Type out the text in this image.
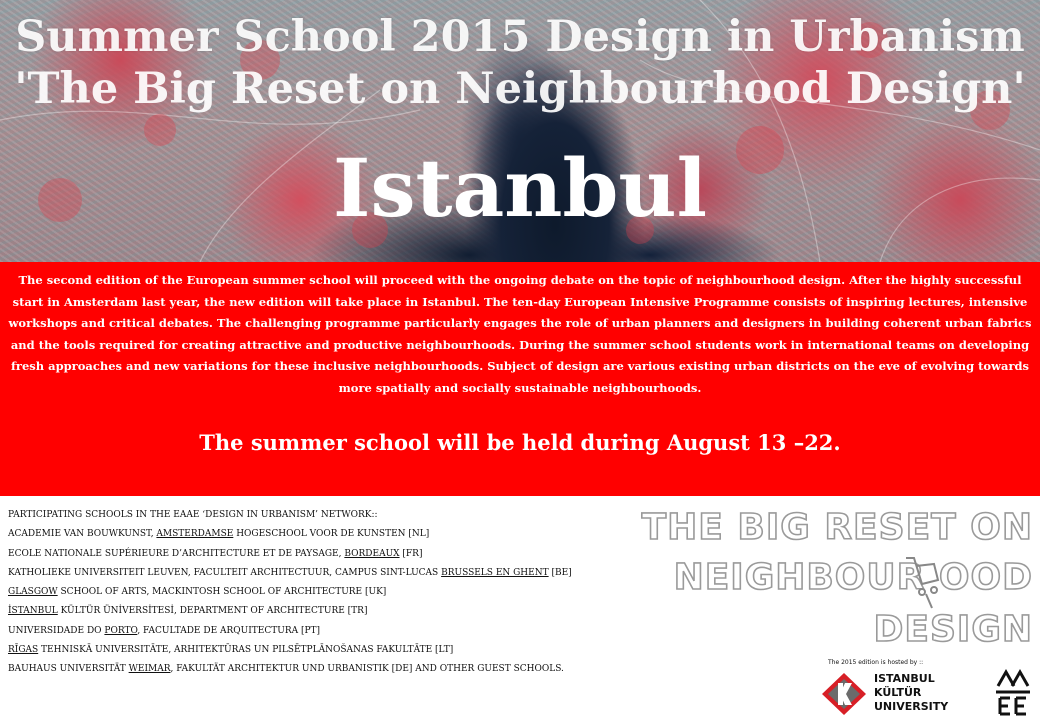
Summer School 2015 Design in Urbanism
'The Big Reset on Neighbourhood Design'
Istanbul

The second edition of the European summer school will proceed with the ongoing debate on the topic of neighbourhood design. After the highly successful start in Amsterdam last year, the new edition will take place in Istanbul. The ten-day European Intensive Programme consists of inspiring lectures, intensive workshops and critical debates. The challenging programme particularly engages the role of urban planners and designers in building coherent urban fabrics and the tools required for creating attractive and productive neighbourhoods. During the summer school students work in international teams on developing fresh approaches and new variations for these inclusive neighbourhoods. Subject of design are various existing urban districts on the eve of evolving towards more spatially and socially sustainable neighbourhoods.

The summer school will be held during August 13 –22.

PARTICIPATING SCHOOLS IN THE EAAE ‘DESIGN IN URBANISM’ NETWORK::
ACADEMIE VAN BOUWKUNST, AMSTERDAMSE HOGESCHOOL VOOR DE KUNSTEN [NL]
ECOLE NATIONALE SUPÉRIEURE D’ARCHITECTURE ET DE PAYSAGE, BORDEAUX [FR]
KATHOLIEKE UNIVERSITEIT LEUVEN, FACULTEIT ARCHITECTUUR, CAMPUS SINT-LUCAS BRUSSELS EN GHENT [BE]
GLASGOW SCHOOL OF ARTS, MACKINTOSH SCHOOL OF ARCHITECTURE [UK]
İSTANBUL KÜLTÜR ÜNİVERSİTESİ, DEPARTMENT OF ARCHITECTURE [TR]
UNIVERSIDADE DO PORTO, FACULTADE DE ARQUITECTURA [PT]
RĪGAS TEHNISKĀ UNIVERSITĀTE, ARHITEKTŪRAS UN PILSĒTPLĀNOŠANAS FAKULTĀTE [LT]
BAUHAUS UNIVERSITÄT WEIMAR, FAKULTÄT ARCHITEKTUR UND URBANISTIK [DE] AND OTHER GUEST SCHOOLS.
THE BIG RESET ON
NEIGHBOUR OOD
DESIGN
The 2015 edition is hosted by ::
ISTANBUL
KÜLTÜR
UNIVERSITY
